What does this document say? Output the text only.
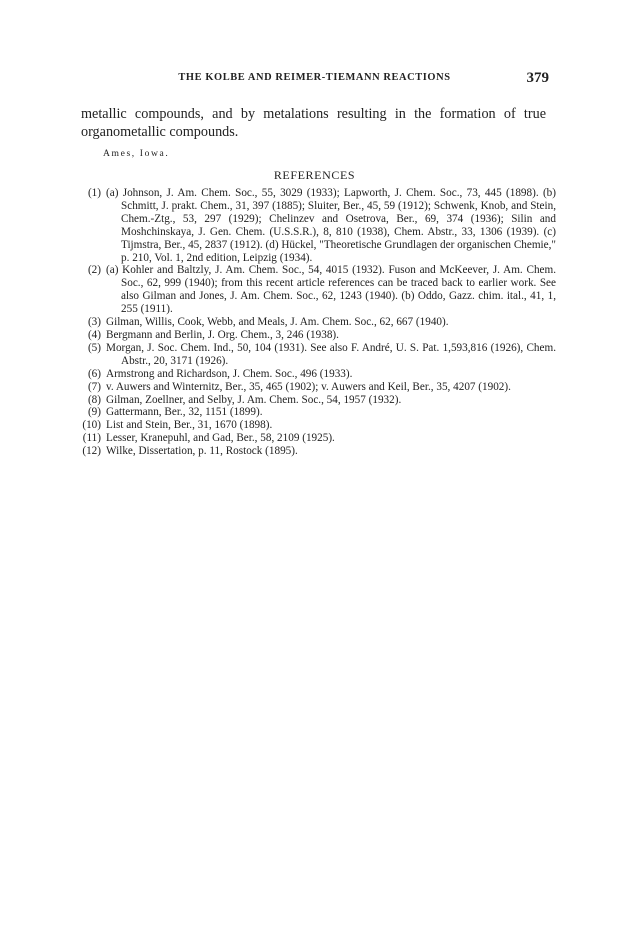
THE KOLBE AND REIMER-TIEMANN REACTIONS	379
metallic compounds, and by metalations resulting in the formation of true organometallic compounds.
Ames, Iowa.
REFERENCES
(1) (a) Johnson, J. Am. Chem. Soc., 55, 3029 (1933); Lapworth, J. Chem. Soc., 73, 445 (1898). (b) Schmitt, J. prakt. Chem., 31, 397 (1885); Sluiter, Ber., 45, 59 (1912); Schwenk, Knob, and Stein, Chem.-Ztg., 53, 297 (1929); Chelinzev and Osetrova, Ber., 69, 374 (1936); Silin and Moshchinskaya, J. Gen. Chem. (U.S.S.R.), 8, 810 (1938), Chem. Abstr., 33, 1306 (1939). (c) Tijmstra, Ber., 45, 2837 (1912). (d) Hückel, "Theoretische Grundlagen der organischen Chemie," p. 210, Vol. 1, 2nd edition, Leipzig (1934).
(2) (a) Kohler and Baltzly, J. Am. Chem. Soc., 54, 4015 (1932). Fuson and McKeever, J. Am. Chem. Soc., 62, 999 (1940); from this recent article references can be traced back to earlier work. See also Gilman and Jones, J. Am. Chem. Soc., 62, 1243 (1940). (b) Oddo, Gazz. chim. ital., 41, 1, 255 (1911).
(3) Gilman, Willis, Cook, Webb, and Meals, J. Am. Chem. Soc., 62, 667 (1940).
(4) Bergmann and Berlin, J. Org. Chem., 3, 246 (1938).
(5) Morgan, J. Soc. Chem. Ind., 50, 104 (1931). See also F. André, U. S. Pat. 1,593,816 (1926), Chem. Abstr., 20, 3171 (1926).
(6) Armstrong and Richardson, J. Chem. Soc., 496 (1933).
(7) v. Auwers and Winternitz, Ber., 35, 465 (1902); v. Auwers and Keil, Ber., 35, 4207 (1902).
(8) Gilman, Zoellner, and Selby, J. Am. Chem. Soc., 54, 1957 (1932).
(9) Gattermann, Ber., 32, 1151 (1899).
(10) List and Stein, Ber., 31, 1670 (1898).
(11) Lesser, Kranepuhl, and Gad, Ber., 58, 2109 (1925).
(12) Wilke, Dissertation, p. 11, Rostock (1895).
